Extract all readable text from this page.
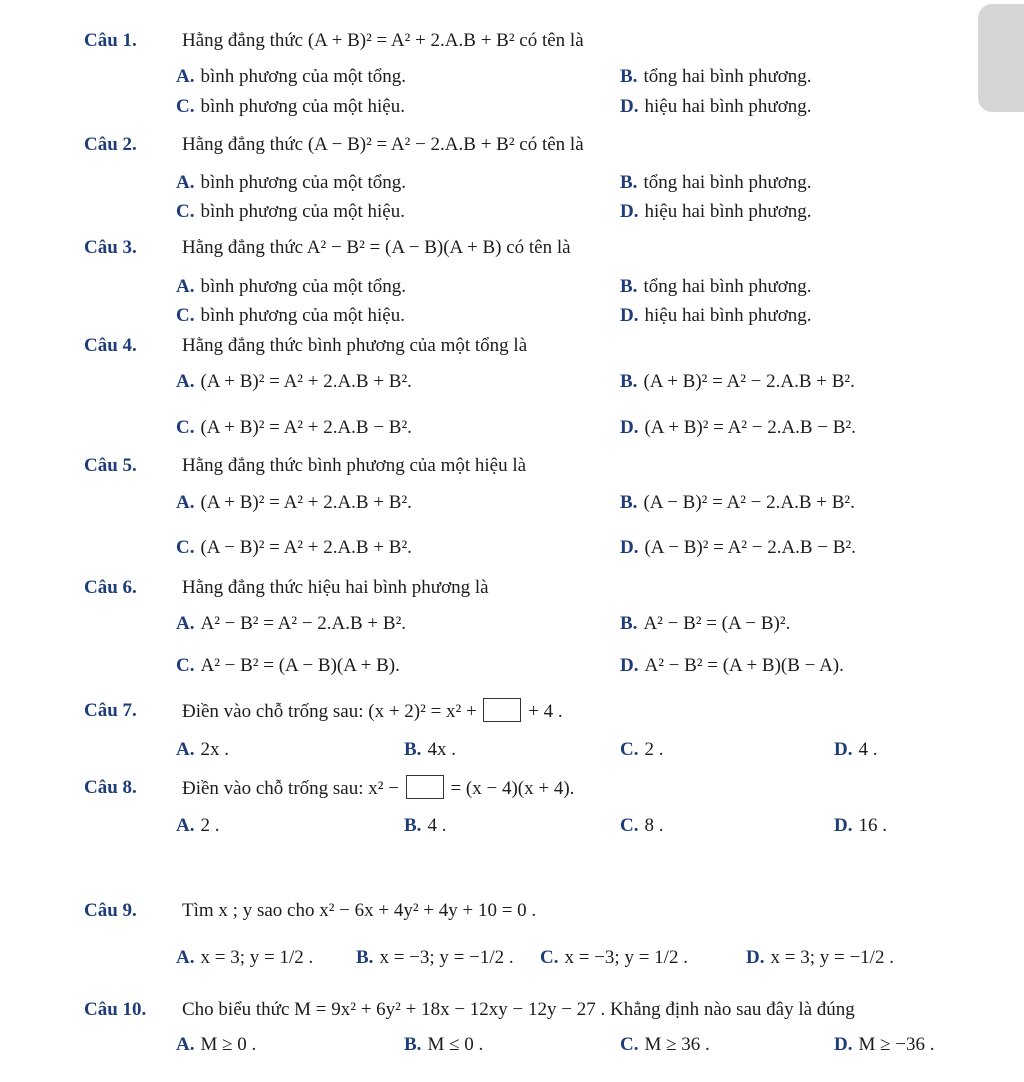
Câu 1. Hằng đẳng thức (A + B)² = A² + 2.A.B + B² có tên là
A. bình phương của một tổng.	B. tổng hai bình phương.
C. bình phương của một hiệu.	D. hiệu hai bình phương.
Câu 2. Hằng đẳng thức (A − B)² = A² − 2.A.B + B² có tên là
A. bình phương của một tổng.	B. tổng hai bình phương.
C. bình phương của một hiệu.	D. hiệu hai bình phương.
Câu 3. Hằng đẳng thức A² − B² = (A − B)(A + B) có tên là
A. bình phương của một tổng.	B. tổng hai bình phương.
C. bình phương của một hiệu.	D. hiệu hai bình phương.
Câu 4. Hằng đẳng thức bình phương của một tổng là
A. (A + B)² = A² + 2.A.B + B².	B. (A + B)² = A² − 2.A.B + B².
C. (A + B)² = A² + 2.A.B − B².	D. (A + B)² = A² − 2.A.B − B².
Câu 5. Hằng đẳng thức bình phương của một hiệu là
A. (A + B)² = A² + 2.A.B + B².	B. (A − B)² = A² − 2.A.B + B².
C. (A − B)² = A² + 2.A.B + B².	D. (A − B)² = A² − 2.A.B − B².
Câu 6. Hằng đẳng thức hiệu hai bình phương là
A. A² − B² = A² − 2.A.B + B².	B. A² − B² = (A − B)².
C. A² − B² = (A − B)(A + B).	D. A² − B² = (A + B)(B − A).
Câu 7. Điền vào chỗ trống sau: (x + 2)² = x² +	+ 4 .
A. 2x .	B. 4x .	C. 2 .	D. 4 .
Câu 8. Điền vào chỗ trống sau: x² −	= (x − 4)(x + 4).
A. 2 .	B. 4 .	C. 8 .	D. 16 .
Câu 9. Tìm x ; y sao cho x² − 6x + 4y² + 4y + 10 = 0 .
A. x = 3; y = 1/2 . B. x = −3; y = −1/2 . C. x = −3; y = 1/2 .	D. x = 3; y = −1/2 .
Câu 10. Cho biểu thức M = 9x² + 6y² + 18x − 12xy − 12y − 27 . Khẳng định nào sau đây là đúng
A. M ≥ 0 .	B. M ≤ 0 .	C. M ≥ 36 .	D. M ≥ −36 .
